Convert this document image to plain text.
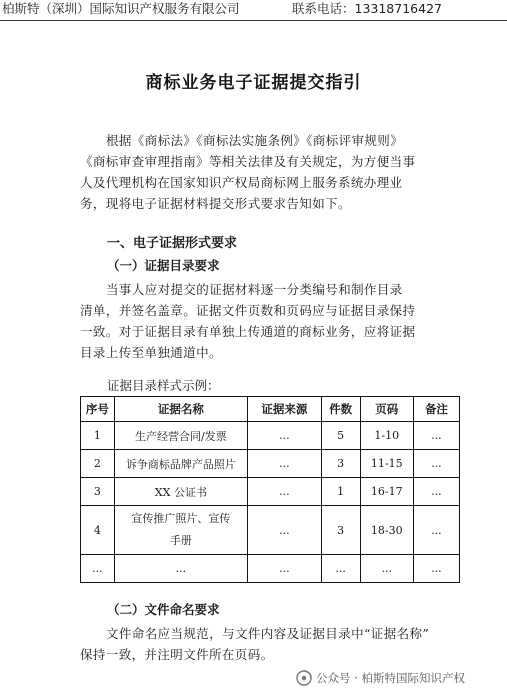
柏斯特（深圳）国际知识产权服务有限公司	联系电话：13318716427
商标业务电子证据提交指引
根据《商标法》《商标法实施条例》《商标评审规则》
《商标审查审理指南》等相关法律及有关规定，为方便当事
人及代理机构在国家知识产权局商标网上服务系统办理业
务，现将电子证据材料提交形式要求告知如下。
一、电子证据形式要求
（一）证据目录要求
当事人应对提交的证据材料逐一分类编号和制作目录
清单，并签名盖章。证据文件页数和页码应与证据目录保持
一致。对于证据目录有单独上传通道的商标业务，应将证据
目录上传至单独通道中。
证据目录样式示例：
序号	证据名称	证据来源	件数	页码	备注
1	生产经营合同/发票	...	5	1-10	...
2	诉争商标品牌产品照片	...	3	11-15	...
3	XX 公证书	...	1	16-17	...
4	宣传推广照片、宣传
手册	...	3	18-30	...
...	...	...	...	...	...
（二）文件命名要求
文件命名应当规范，与文件内容及证据目录中“证据名称”
保持一致，并注明文件所在页码。
公众号 · 柏斯特国际知识产权
